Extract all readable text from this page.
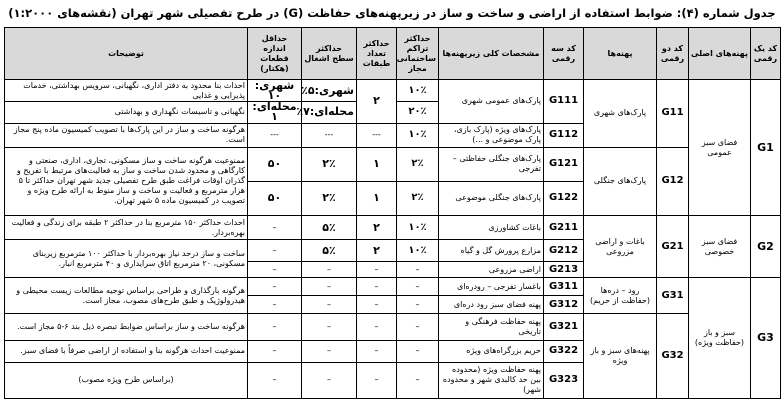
جدول شماره (۴): ضوابط استفاده از اراضی و ساخت و ساز در زیرپهنه‌های حفاظت (G) در طرح تفصیلی شهر تهران (نقشه‌های ۱:۲۰۰۰)
کد یک رقمی	پهنه‌های اصلی	کد دو رقمی	پهنه‌ها	کد سه رقمی	مشخصات کلی زیرپهنه‌ها	حداکثر تراکم ساختمانی مجاز	حداکثر تعداد طبقات	حداکثر سطح اشغال	حداقل اندازه قطعات (هکتار)	توضیحات
G1	فضای سبز عمومی	G11	پارک‌های شهری	G111	پارک‌های عمومی شهری	۱۰٪	۲	شهری:۵٪	شهری: ۱۰	احداث بنا محدود به دفتر اداری، نگهبانی، سرویس بهداشتی، خدمات پذیرایی و غذایی
						۲۰٪		محله‌ای:۷٪	محله‌ای: ۱	نگهبانی و تاسیسات نگهداری و بهداشتی
				G112	پارک‌های ویژه (پارک بازی، پارک موضوعی و ...)	۱۰٪	---	---	---	هرگونه ساخت و ساز در این پارک‌ها با تصویب کمیسیون ماده پنج مجاز است.
		G12	پارک‌های جنگلی	G121	پارک‌های جنگلی حفاظتی – تفرجی	۲٪	۱	۲٪	۵۰	ممنوعیت هرگونه ساخت و ساز مسکونی، تجاری، اداری، صنعتی و کارگاهی و محدود شدن ساخت و ساز به فعالیت‌های مرتبط با تفریح و گذران اوقات فراغت طبق طرح تفصیلی جدید شهر تهران حداکثر تا ۵ هزار مترمربع و فعالیت و ساخت و ساز منوط به ارائه طرح ویژه و تصویب در کمیسیون ماده ۵ شهر تهران.
				G122	پارک‌های جنگلی موضوعی	۲٪	۱	۲٪	۵۰	
G2	فضای سبز خصوصی	G21	باغات و اراضی مزروعی	G211	باغات کشاورزی	۱۰٪	۲	۵٪	–	احداث حداکثر ۱۵۰ مترمربع بنا در حداکثر ۲ طبقه برای زندگی و فعالیت بهره‌بردار.
				G212	مزارع پرورش گل و گیاه	۱۰٪	۲	۵٪	–	ساخت و ساز درحد نیاز بهره‌بردار با حداکثر ۱۰۰ مترمربع زیربنای مسکونی، ۲۰ مترمربع اتاق سرایداری و ۴۰ مترمربع انبار.
				G213	اراضی مزروعی	–	–	–	–	
G3	سبز و باز (حفاظت ویژه)	G31	رود – دره‌ها (حفاظت از حریم)	G311	باغسار تفرجی – رودره‌ای	–	–	–	–	هرگونه بارگذاری و طراحی براساس توجیه مطالعات زیست محیطی و هیدرولوژیک و طبق طرح‌های مصوب، مجاز است.
				G312	پهنه فضای سبز رود دره‌ای	–	–	–	–	
		G32	پهنه‌های سبز و باز ویژه	G321	پهنه حفاظت فرهنگی و تاریخی	–	–	–	–	هرگونه ساخت و ساز براساس ضوابط تبصره ذیل بند ۶-۵ مجاز است.
				G322	حریم بزرگراه‌های ویژه	–	–	–	–	ممنوعیت احداث هرگونه بنا و استفاده از اراضی صرفاً با فضای سبز.
				G323	پهنه حفاظت ویژه (محدوده بین حد کالبدی شهر و محدوده شهر)	–	–	–	–	(براساس طرح ویژه مصوب)
